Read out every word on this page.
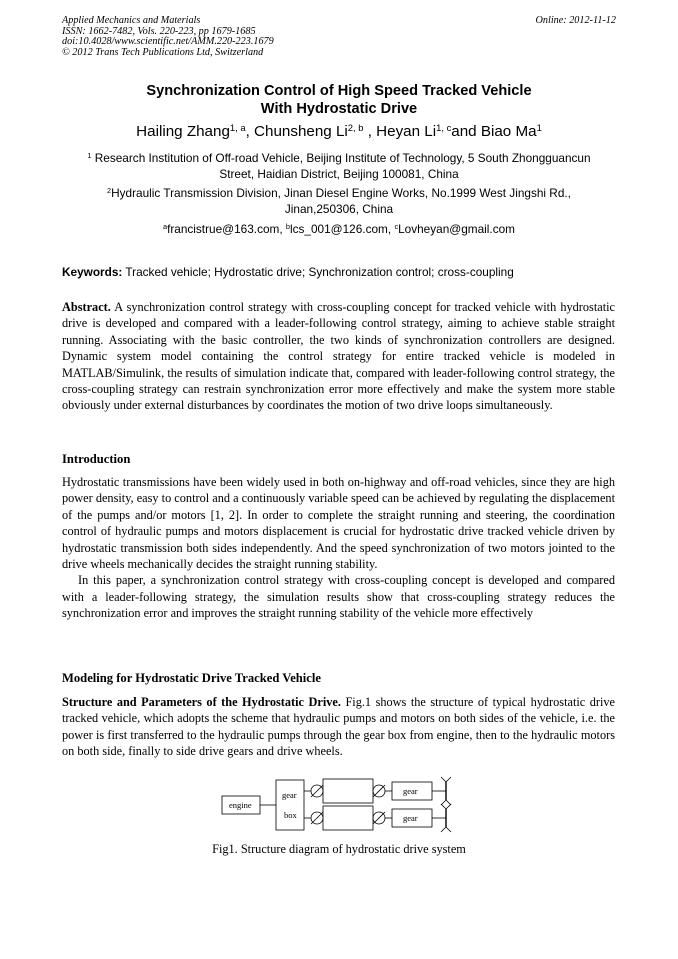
Applied Mechanics and Materials
ISSN: 1662-7482, Vols. 220-223, pp 1679-1685
doi:10.4028/www.scientific.net/AMM.220-223.1679
© 2012 Trans Tech Publications Ltd, Switzerland
Online: 2012-11-12
Synchronization Control of High Speed Tracked Vehicle
With Hydrostatic Drive
Hailing Zhang$^{1, a}$, Chunsheng Li$^{2, b}$ , Heyan Li$^{1, c}$and Biao Ma$^1$
$^1$ Research Institution of Off-road Vehicle, Beijing Institute of Technology, 5 South Zhongguancun
Street, Haidian District, Beijing 100081, China
$^2$Hydraulic Transmission Division, Jinan Diesel Engine Works, No.1999 West Jingshi Rd.,
Jinan,250306, China
$^a$francistrue@163.com, $^b$lcs_001@126.com, $^c$Lovheyan@gmail.com
Keywords: Tracked vehicle; Hydrostatic drive; Synchronization control; cross-coupling

Abstract. A synchronization control strategy with cross-coupling concept for tracked vehicle with hydrostatic drive is developed and compared with a leader-following control strategy, aiming to achieve stable straight running. Associating with the basic controller, the two kinds of synchronization controllers are designed. Dynamic system model containing the control strategy for entire tracked vehicle is modeled in MATLAB/Simulink, the results of simulation indicate that, compared with leader-following control strategy, the cross-coupling strategy can restrain synchronization error more effectively and make the system more stable obviously under external disturbances by coordinates the motion of two drive loops simultaneously.

Introduction

Hydrostatic transmissions have been widely used in both on-highway and off-road vehicles, since they are high power density, easy to control and a continuously variable speed can be achieved by regulating the displacement of the pumps and/or motors [1, 2]. In order to complete the straight running and steering, the coordination control of hydraulic pumps and motors displacement is crucial for hydrostatic drive tracked vehicle driven by hydrostatic transmission both sides independently. And the speed synchronization of two motors jointed to the drive wheels mechanically decides the straight running stability.

In this paper, a synchronization control strategy with cross-coupling concept is developed and compared with a leader-following strategy, the simulation results show that cross-coupling strategy reduces the synchronization error and improves the straight running stability of the vehicle more effectively

Modeling for Hydrostatic Drive Tracked Vehicle

Structure and Parameters of the Hydrostatic Drive. Fig.1 shows the structure of typical hydrostatic drive tracked vehicle, which adopts the scheme that hydraulic pumps and motors on both sides of the vehicle, i.e. the power is first transferred to the hydraulic pumps through the gear box from engine, then to the hydraulic motors on both side, finally to side drive gears and drive wheels.

engine
gear
box
gear
gear
Fig1. Structure diagram of hydrostatic drive system
